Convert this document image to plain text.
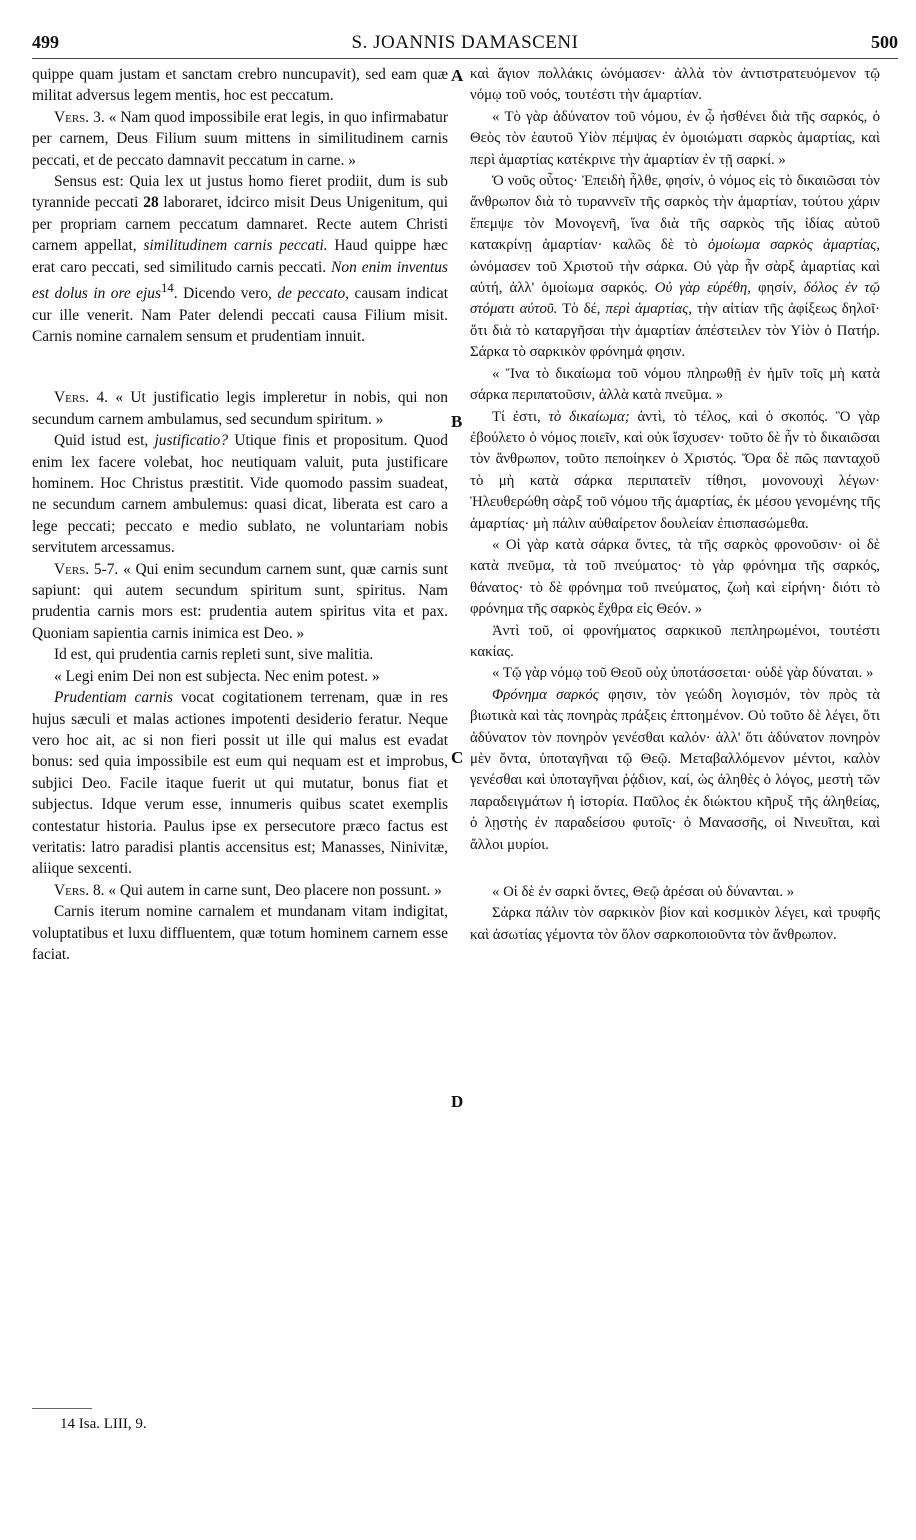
499	S. JOANNIS DAMASCENI	500

quippe quam justam et sanctam crebro nuncupavit), sed eam quæ militat adversus legem mentis, hoc est peccatum.

Vers. 3. « Nam quod impossibile erat legis, in quo infirmabatur per carnem, Deus Filium suum mittens in similitudinem carnis peccati, et de peccato damnavit peccatum in carne. »

Sensus est: Quia lex ut justus homo fieret prodiit, dum is sub tyrannide peccati 28 laboraret, idcirco misit Deus Unigenitum, qui per propriam carnem peccatum damnaret. Recte autem Christi carnem appellat, similitudinem carnis peccati. Haud quippe hæc erat caro peccati, sed similitudo carnis peccati. Non enim inventus est dolus in ore ejus$^{14}$. Dicendo vero, de peccato, causam indicat cur ille venerit. Nam Pater delendi peccati causa Filium misit. Carnis nomine carnalem sensum et prudentiam innuit.

Vers. 4. « Ut justificatio legis impleretur in nobis, qui non secundum carnem ambulamus, sed secundum spiritum. »

Quid istud est, justificatio? Utique finis et propositum. Quod enim lex facere volebat, hoc neutiquam valuit, puta justificare hominem. Hoc Christus præstitit. Vide quomodo passim suadeat, ne secundum carnem ambulemus: quasi dicat, liberata est caro a lege peccati; peccato e medio sublato, ne voluntariam nobis servitutem arcessamus.

Vers. 5-7. « Qui enim secundum carnem sunt, quæ carnis sunt sapiunt: qui autem secundum spiritum sunt, spiritus. Nam prudentia carnis mors est: prudentia autem spiritus vita et pax. Quoniam sapientia carnis inimica est Deo. »

Id est, qui prudentia carnis repleti sunt, sive malitia.

« Legi enim Dei non est subjecta. Nec enim potest. »

Prudentiam carnis vocat cogitationem terrenam, quæ in res hujus sæculi et malas actiones impotenti desiderio feratur. Neque vero hoc ait, ac si non fieri possit ut ille qui malus est evadat bonus: sed quia impossibile est eum qui nequam est et improbus, subjici Deo. Facile itaque fuerit ut qui mutatur, bonus fiat et subjectus. Idque verum esse, innumeris quibus scatet exemplis contestatur historia. Paulus ipse ex persecutore præco factus est veritatis: latro paradisi plantis accensitus est; Manasses, Ninivitæ, aliique sexcenti.

Vers. 8. « Qui autem in carne sunt, Deo placere non possunt. »

Carnis iterum nomine carnalem et mundanam vitam indigitat, voluptatibus et luxu diffluentem, quæ totum hominem carnem esse faciat.

A
B
C
D

καὶ ἅγιον πολλάκις ὠνόμασεν· ἀλλὰ τὸν ἀντιστρατευόμενον τῷ νόμῳ τοῦ νοός, τουτέστι τὴν ἁμαρτίαν.

« Τὸ γὰρ ἀδύνατον τοῦ νόμου, ἐν ᾧ ἠσθένει διὰ τῆς σαρκός, ὁ Θεὸς τὸν ἑαυτοῦ Υἱὸν πέμψας ἐν ὁμοιώματι σαρκὸς ἁμαρτίας, καὶ περὶ ἁμαρτίας κατέκρινε τὴν ἁμαρτίαν ἐν τῇ σαρκί. »

Ὁ νοῦς οὗτος· Ἐπειδὴ ἦλθε, φησίν, ὁ νόμος εἰς τὸ δικαιῶσαι τὸν ἄνθρωπον διὰ τὸ τυραννεῖν τῆς σαρκὸς τὴν ἁμαρτίαν, τούτου χάριν ἔπεμψε τὸν Μονογενῆ, ἵνα διὰ τῆς σαρκὸς τῆς ἰδίας αὐτοῦ κατακρίνῃ ἁμαρτίαν· καλῶς δὲ τὸ ὁμοίωμα σαρκὸς ἁμαρτίας, ὠνόμασεν τοῦ Χριστοῦ τὴν σάρκα. Οὐ γὰρ ἦν σὰρξ ἁμαρτίας καὶ αὐτή, ἀλλ' ὁμοίωμα σαρκός. Οὐ γὰρ εὑρέθη, φησίν, δόλος ἐν τῷ στόματι αὐτοῦ. Τὸ δέ, περὶ ἁμαρτίας, τὴν αἰτίαν τῆς ἀφίξεως δηλοῖ· ὅτι διὰ τὸ καταργῆσαι τὴν ἁμαρτίαν ἀπέστειλεν τὸν Υἱὸν ὁ Πατήρ. Σάρκα τὸ σαρκικὸν φρόνημά φησιν.

« Ἵνα τὸ δικαίωμα τοῦ νόμου πληρωθῇ ἐν ἡμῖν τοῖς μὴ κατὰ σάρκα περιπατοῦσιν, ἀλλὰ κατὰ πνεῦμα. »

Τί ἐστι, τὸ δικαίωμα; ἀντὶ, τὸ τέλος, καὶ ὁ σκοπός. Ὃ γὰρ ἐβούλετο ὁ νόμος ποιεῖν, καὶ οὐκ ἴσχυσεν· τοῦτο δὲ ἦν τὸ δικαιῶσαι τὸν ἄνθρωπον, τοῦτο πεποίηκεν ὁ Χριστός. Ὅρα δὲ πῶς πανταχοῦ τὸ μὴ κατὰ σάρκα περιπατεῖν τίθησι, μονονουχὶ λέγων· Ἠλευθερώθη σὰρξ τοῦ νόμου τῆς ἁμαρτίας, ἐκ μέσου γενομένης τῆς ἁμαρτίας· μὴ πάλιν αὐθαίρετον δουλείαν ἐπισπασώμεθα.

« Οἱ γὰρ κατὰ σάρκα ὄντες, τὰ τῆς σαρκὸς φρονοῦσιν· οἱ δὲ κατὰ πνεῦμα, τὰ τοῦ πνεύματος· τὸ γὰρ φρόνημα τῆς σαρκός, θάνατος· τὸ δὲ φρόνημα τοῦ πνεύματος, ζωὴ καὶ εἰρήνη· διότι τὸ φρόνημα τῆς σαρκὸς ἔχθρα εἰς Θεόν. »

Ἀντὶ τοῦ, οἱ φρονήματος σαρκικοῦ πεπληρωμένοι, τουτέστι κακίας.

« Τῷ γὰρ νόμῳ τοῦ Θεοῦ οὐχ ὑποτάσσεται· οὐδὲ γὰρ δύναται. »

Φρόνημα σαρκός φησιν, τὸν γεώδη λογισμόν, τὸν πρὸς τὰ βιωτικὰ καὶ τὰς πονηρὰς πράξεις ἐπτοημένον. Οὐ τοῦτο δὲ λέγει, ὅτι ἀδύνατον τὸν πονηρὸν γενέσθαι καλόν· ἀλλ' ὅτι ἀδύνατον πονηρὸν μὲν ὄντα, ὑποταγῆναι τῷ Θεῷ. Μεταβαλλόμενον μέντοι, καλὸν γενέσθαι καὶ ὑποταγῆναι ῥᾴδιον, καί, ὡς ἀληθὲς ὁ λόγος, μεστὴ τῶν παραδειγμάτων ἡ ἱστορία. Παῦλος ἐκ διώκτου κῆρυξ τῆς ἀληθείας, ὁ λῃστὴς ἐν παραδείσου φυτοῖς· ὁ Μανασσῆς, οἱ Νινευῖται, καὶ ἄλλοι μυρίοι.

« Οἱ δὲ ἐν σαρκὶ ὄντες, Θεῷ ἀρέσαι οὐ δύνανται. »

Σάρκα πάλιν τὸν σαρκικὸν βίον καὶ κοσμικὸν λέγει, καὶ τρυφῆς καὶ ἀσωτίας γέμοντα τὸν ὅλον σαρκοποιοῦντα τὸν ἄνθρωπον.

14 Isa. LIII, 9.
